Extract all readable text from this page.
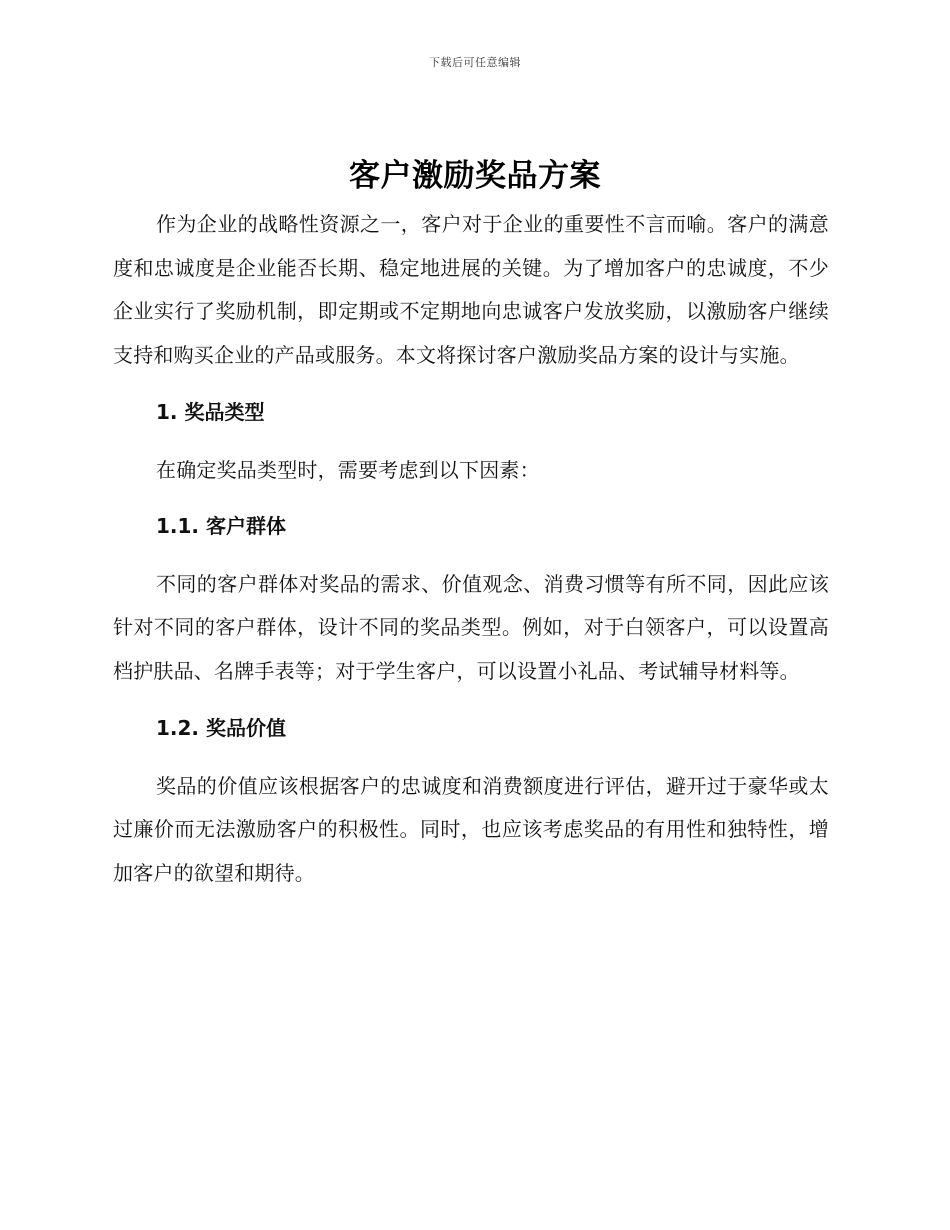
下载后可任意编辑
客户激励奖品方案

作为企业的战略性资源之一，客户对于企业的重要性不言而喻。客户的满意度和忠诚度是企业能否长期、稳定地进展的关键。为了增加客户的忠诚度，不少企业实行了奖励机制，即定期或不定期地向忠诚客户发放奖励，以激励客户继续支持和购买企业的产品或服务。本文将探讨客户激励奖品方案的设计与实施。

1. 奖品类型

在确定奖品类型时，需要考虑到以下因素：

1.1. 客户群体

不同的客户群体对奖品的需求、价值观念、消费习惯等有所不同，因此应该针对不同的客户群体，设计不同的奖品类型。例如，对于白领客户，可以设置高档护肤品、名牌手表等；对于学生客户，可以设置小礼品、考试辅导材料等。

1.2. 奖品价值

奖品的价值应该根据客户的忠诚度和消费额度进行评估，避开过于豪华或太过廉价而无法激励客户的积极性。同时，也应该考虑奖品的有用性和独特性，增加客户的欲望和期待。
